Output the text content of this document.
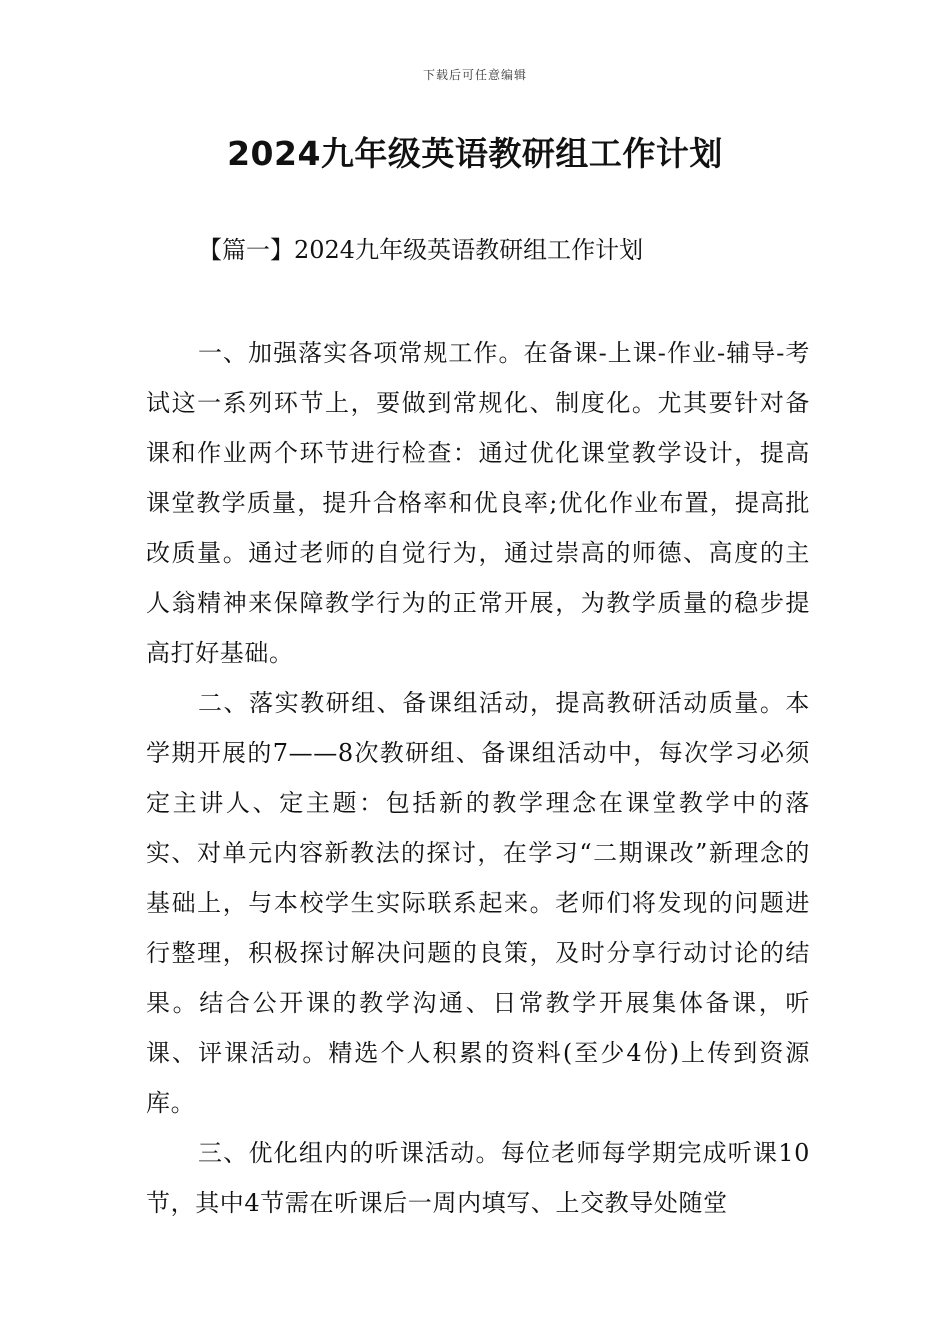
下载后可任意编辑
2024九年级英语教研组工作计划

【篇一】2024九年级英语教研组工作计划

一、加强落实各项常规工作。在备课-上课-作业-辅导-考试这一系列环节上，要做到常规化、制度化。尤其要针对备课和作业两个环节进行检查：通过优化课堂教学设计，提高课堂教学质量，提升合格率和优良率;优化作业布置，提高批改质量。通过老师的自觉行为，通过崇高的师德、高度的主人翁精神来保障教学行为的正常开展，为教学质量的稳步提高打好基础。

二、落实教研组、备课组活动，提高教研活动质量。本学期开展的7——8次教研组、备课组活动中，每次学习必须定主讲人、定主题：包括新的教学理念在课堂教学中的落实、对单元内容新教法的探讨，在学习“二期课改”新理念的基础上，与本校学生实际联系起来。老师们将发现的问题进行整理，积极探讨解决问题的良策，及时分享行动讨论的结果。结合公开课的教学沟通、日常教学开展集体备课，听课、评课活动。精选个人积累的资料(至少4份)上传到资源库。

三、优化组内的听课活动。每位老师每学期完成听课10节，其中4节需在听课后一周内填写、上交教导处随堂
